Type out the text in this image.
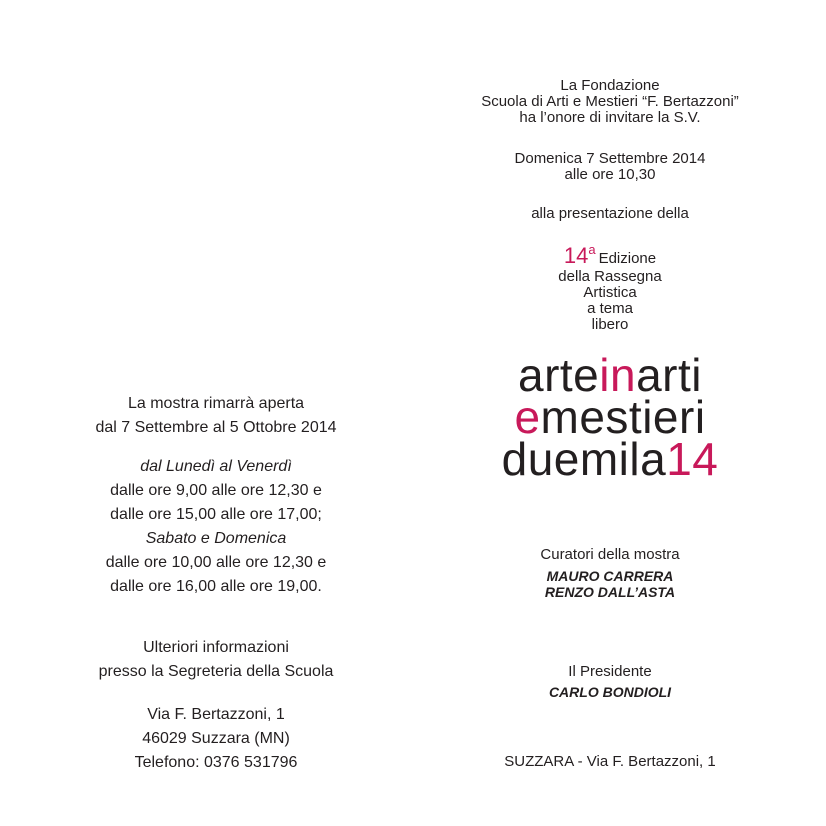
La mostra rimarrà aperta
dal 7 Settembre al 5 Ottobre 2014
dal Lunedì al Venerdì
dalle ore 9,00 alle ore 12,30 e
dalle ore 15,00 alle ore 17,00;
Sabato e Domenica
dalle ore 10,00 alle ore 12,30 e
dalle ore 16,00 alle ore 19,00.
Ulteriori informazioni
presso la Segreteria della Scuola
Via F. Bertazzoni, 1
46029 Suzzara (MN)
Telefono: 0376 531796
La Fondazione
Scuola di Arti e Mestieri “F. Bertazzoni”
ha l’onore di invitare la S.V.
Domenica 7 Settembre 2014
alle ore 10,30
alla presentazione della
14aEdizione
della Rassegna
Artistica
a tema
libero
arteinarti
emestieri
duemila14
Curatori della mostra
MAURO CARRERA
RENZO DALL’ASTA
Il Presidente
CARLO BONDIOLI
SUZZARA - Via F. Bertazzoni, 1
